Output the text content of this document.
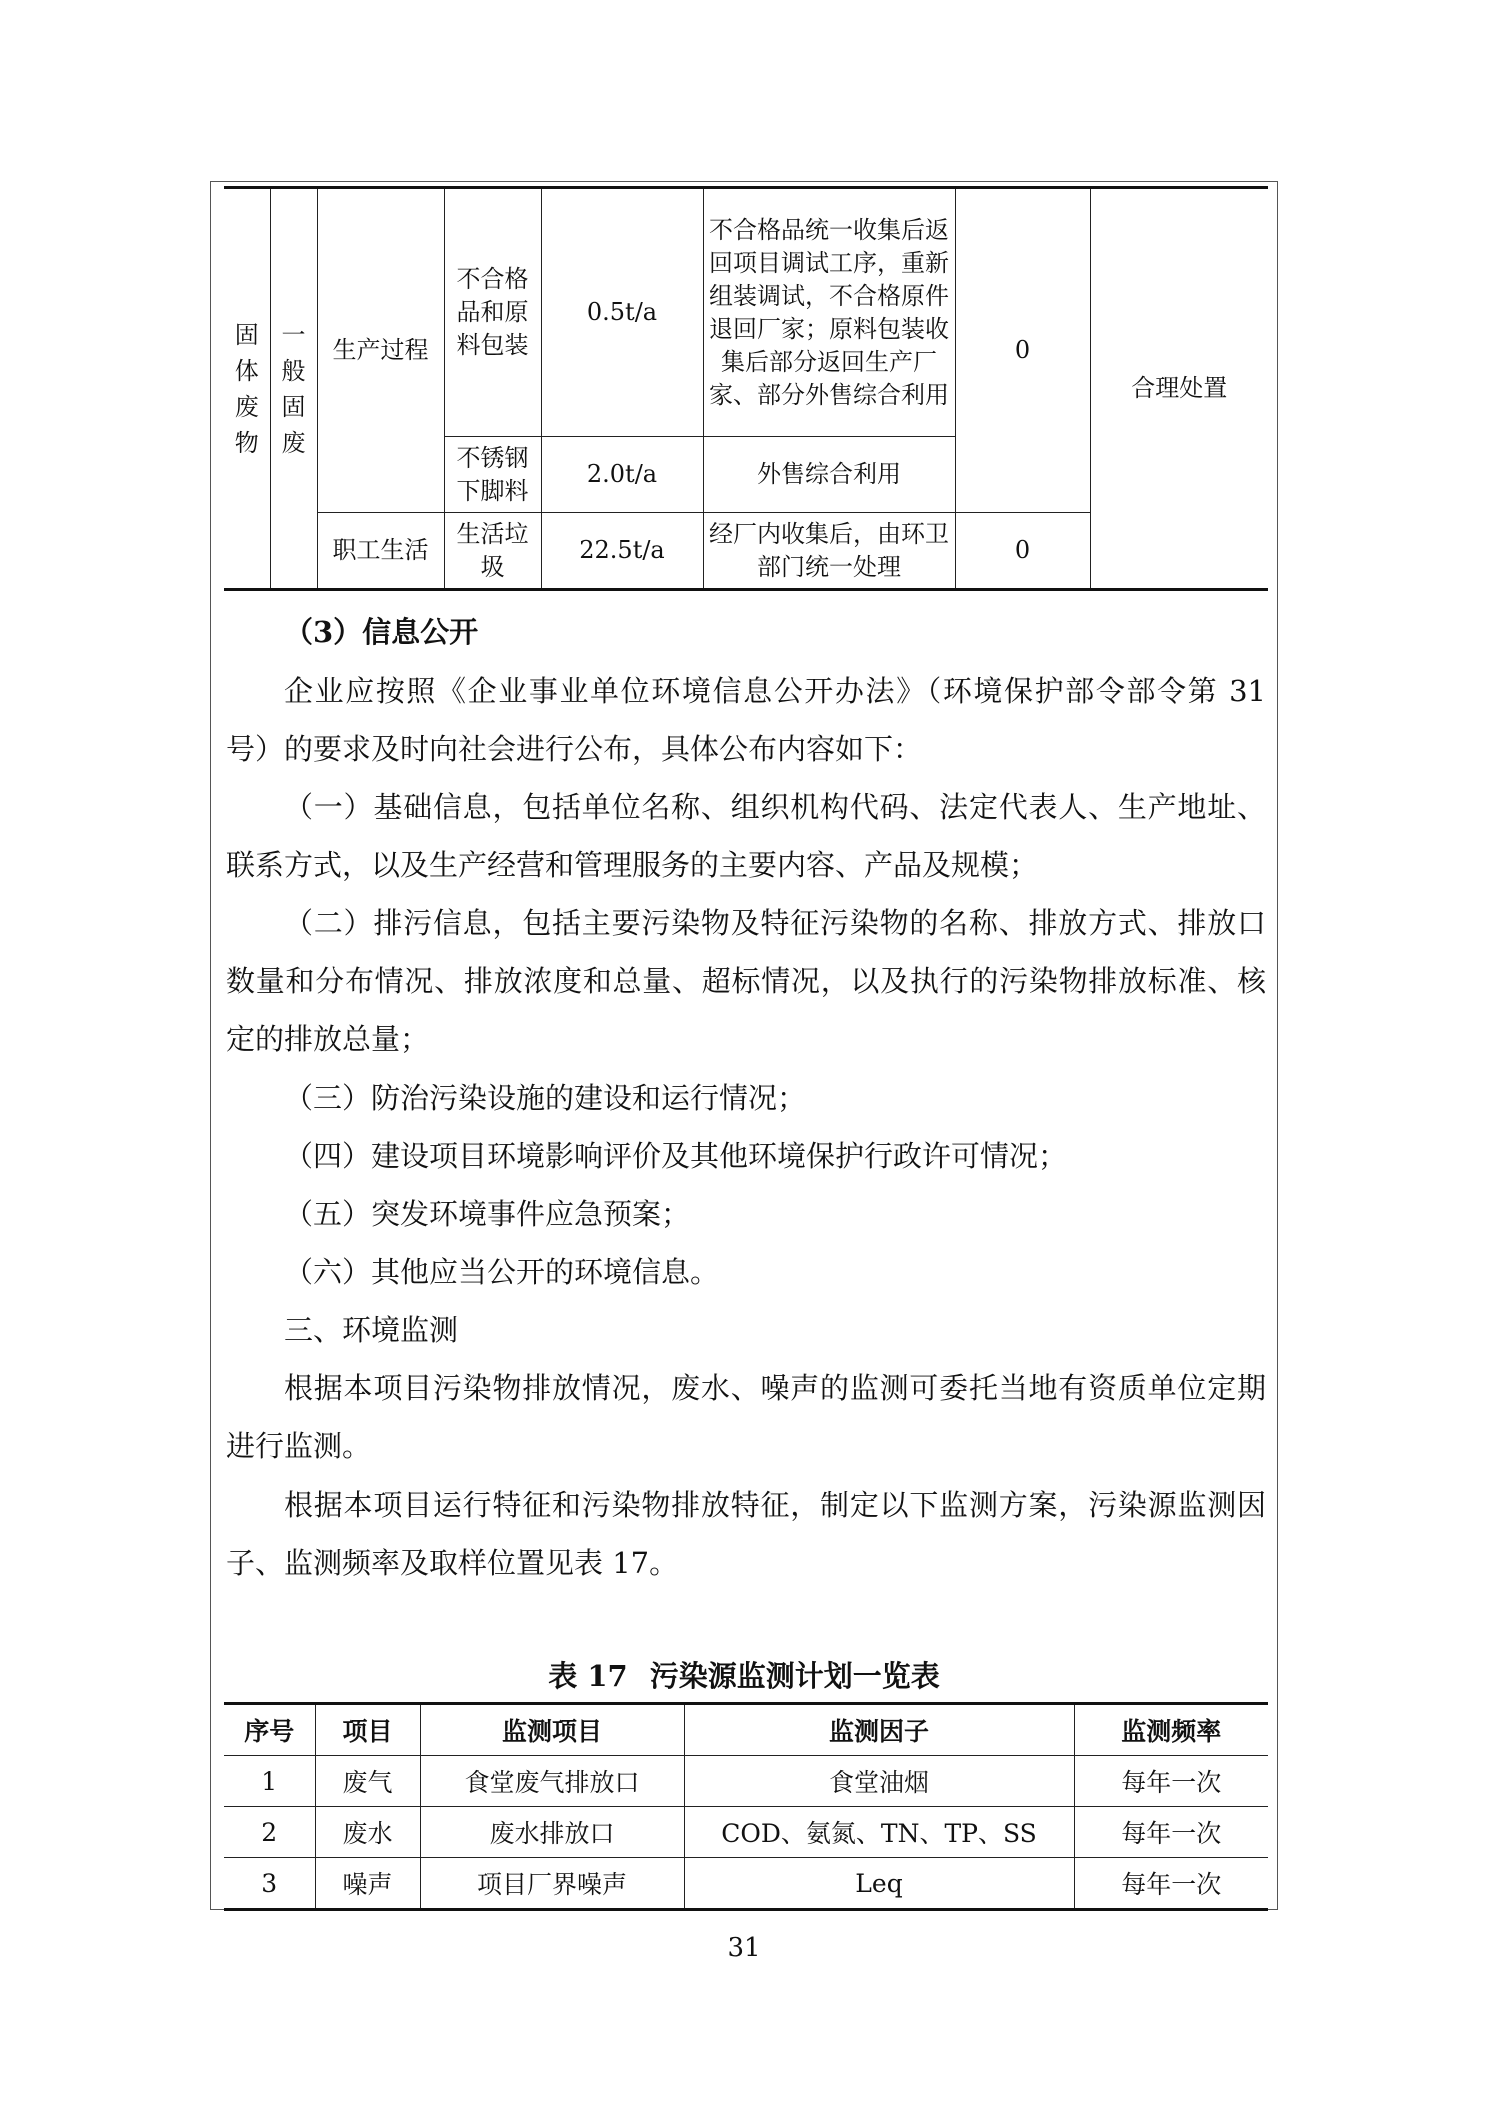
固体废物	一般固废	生产过程	不合格品和原料包装	0.5t/a	不合格品统一收集后返回项目调试工序，重新组装调试，不合格原件退回厂家；原料包装收集后部分返回生产厂家、部分外售综合利用	0	合理处置
			不锈钢下脚料	2.0t/a	外售综合利用		
		职工生活	生活垃圾	22.5t/a	经厂内收集后，由环卫部门统一处理	0	

（3）信息公开

企业应按照《企业事业单位环境信息公开办法》（环境保护部令部令第 31 号）的要求及时向社会进行公布，具体公布内容如下：

（一）基础信息，包括单位名称、组织机构代码、法定代表人、生产地址、联系方式，以及生产经营和管理服务的主要内容、产品及规模；

（二）排污信息，包括主要污染物及特征污染物的名称、排放方式、排放口数量和分布情况、排放浓度和总量、超标情况，以及执行的污染物排放标准、核定的排放总量；

（三）防治污染设施的建设和运行情况；

（四）建设项目环境影响评价及其他环境保护行政许可情况；

（五）突发环境事件应急预案；

（六）其他应当公开的环境信息。

三、环境监测

根据本项目污染物排放情况，废水、噪声的监测可委托当地有资质单位定期进行监测。

根据本项目运行特征和污染物排放特征，制定以下监测方案，污染源监测因子、监测频率及取样位置见表 17。

表 17 污染源监测计划一览表
序号	项目	监测项目	监测因子	监测频率
1	废气	食堂废气排放口	食堂油烟	每年一次
2	废水	废水排放口	COD、氨氮、TN、TP、SS	每年一次
3	噪声	项目厂界噪声	Leq	每年一次
31
